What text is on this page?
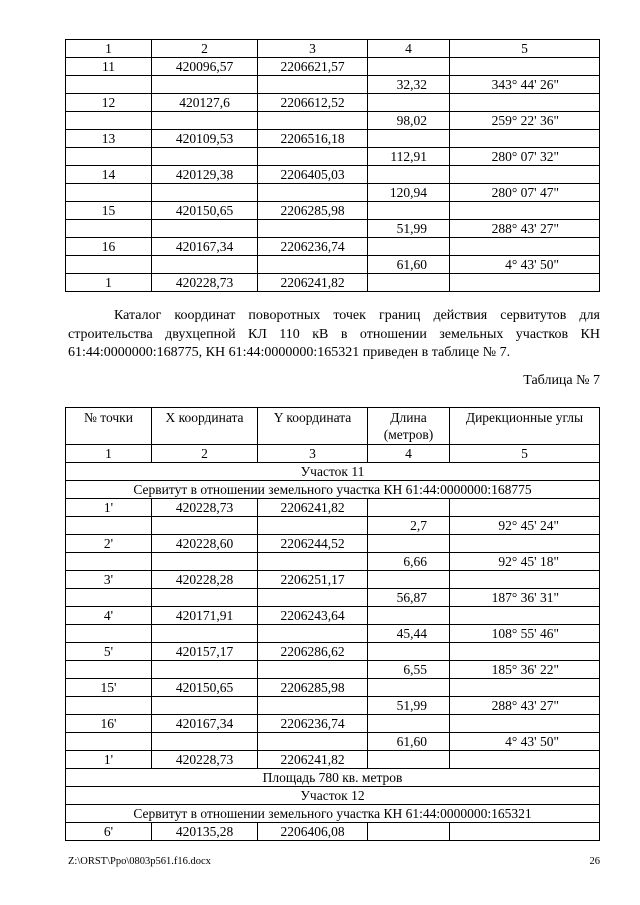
1	2	3	4	5
11	420096,57	2206621,57		
			32,32	343° 44' 26"
12	420127,6	2206612,52		
			98,02	259° 22' 36"
13	420109,53	2206516,18		
			112,91	280° 07' 32"
14	420129,38	2206405,03		
			120,94	280° 07' 47"
15	420150,65	2206285,98		
			51,99	288° 43' 27"
16	420167,34	2206236,74		
			61,60	4° 43' 50"
1	420228,73	2206241,82		
Каталог координат поворотных точек границ действия сервитутов для строительства двухцепной КЛ 110 кВ в отношении земельных участков КН 61:44:0000000:168775, КН 61:44:0000000:165321 приведен в таблице № 7.
Таблица № 7
№ точки	X координата	Y координата	Длина (метров)	Дирекционные углы
1	2	3	4	5
Участок 11				
Сервитут в отношении земельного участка КН 61:44:0000000:168775				
1'	420228,73	2206241,82		
			2,7	92° 45' 24"
2'	420228,60	2206244,52		
			6,66	92° 45' 18"
3'	420228,28	2206251,17		
			56,87	187° 36' 31"
4'	420171,91	2206243,64		
			45,44	108° 55' 46"
5'	420157,17	2206286,62		
			6,55	185° 36' 22"
15'	420150,65	2206285,98		
			51,99	288° 43' 27"
16'	420167,34	2206236,74		
			61,60	4° 43' 50"
1'	420228,73	2206241,82		
Площадь 780 кв. метров				
Участок 12				
Сервитут в отношении земельного участка КН 61:44:0000000:165321				
6'	420135,28	2206406,08		
Z:\ORST\Ppo\0803p561.f16.docx	26
